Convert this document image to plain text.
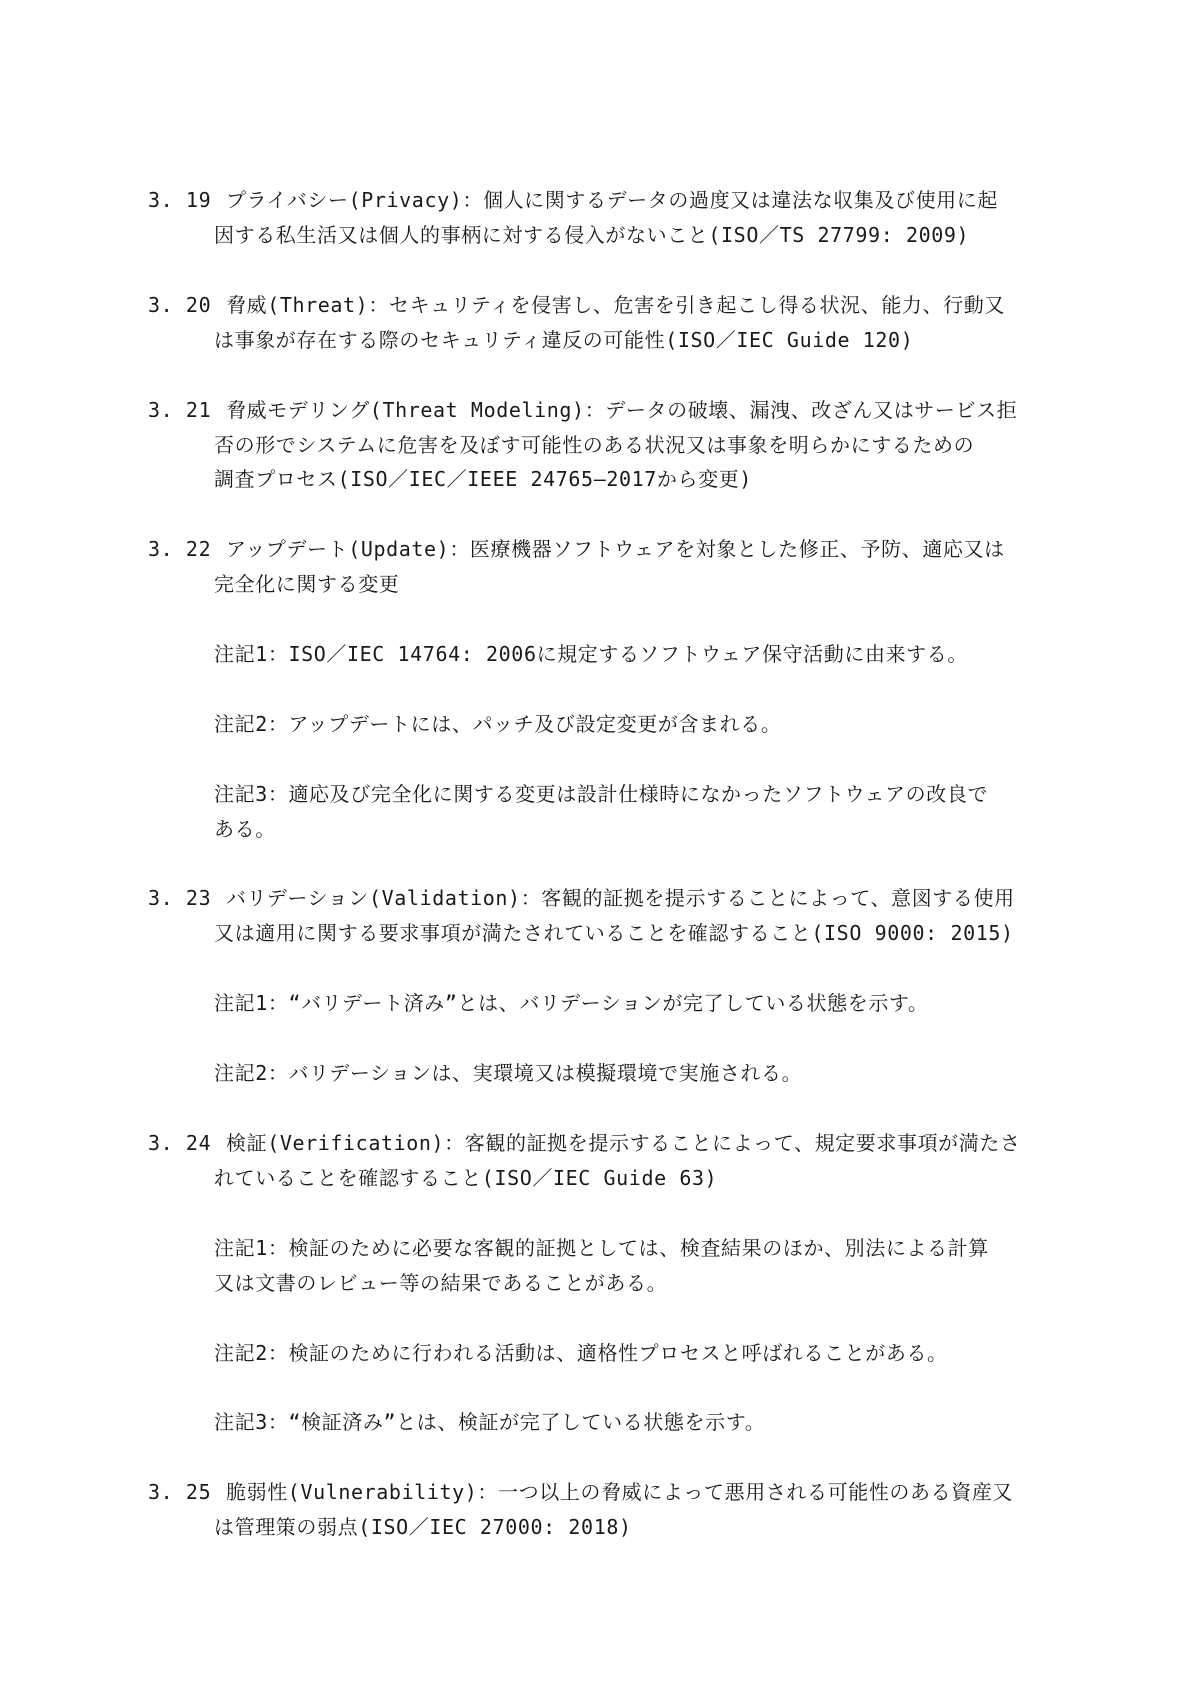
3. 19 プライバシー(Privacy)：個人に関するデータの過度又は違法な収集及び使用に起
因する私生活又は個人的事柄に対する侵入がないこと(ISO／TS 27799: 2009)
3. 20 脅威(Threat)：セキュリティを侵害し、危害を引き起こし得る状況、能力、行動又
は事象が存在する際のセキュリティ違反の可能性(ISO／IEC Guide 120)
3. 21 脅威モデリング(Threat Modeling)：データの破壊、漏洩、改ざん又はサービス拒
否の形でシステムに危害を及ぼす可能性のある状況又は事象を明らかにするための
調査プロセス(ISO／IEC／IEEE 24765―2017から変更)
3. 22 アップデート(Update)：医療機器ソフトウェアを対象とした修正、予防、適応又は
完全化に関する変更
注記1：ISO／IEC 14764: 2006に規定するソフトウェア保守活動に由来する。
注記2：アップデートには、パッチ及び設定変更が含まれる。
注記3：適応及び完全化に関する変更は設計仕様時になかったソフトウェアの改良で
ある。
3. 23 バリデーション(Validation)：客観的証拠を提示することによって、意図する使用
又は適用に関する要求事項が満たされていることを確認すること(ISO 9000: 2015)
注記1：“バリデート済み”とは、バリデーションが完了している状態を示す。
注記2：バリデーションは、実環境又は模擬環境で実施される。
3. 24 検証(Verification)：客観的証拠を提示することによって、規定要求事項が満たさ
れていることを確認すること(ISO／IEC Guide 63)
注記1：検証のために必要な客観的証拠としては、検査結果のほか、別法による計算
又は文書のレビュー等の結果であることがある。
注記2：検証のために行われる活動は、適格性プロセスと呼ばれることがある。
注記3：“検証済み”とは、検証が完了している状態を示す。
3. 25 脆弱性(Vulnerability)：一つ以上の脅威によって悪用される可能性のある資産又
は管理策の弱点(ISO／IEC 27000: 2018)
